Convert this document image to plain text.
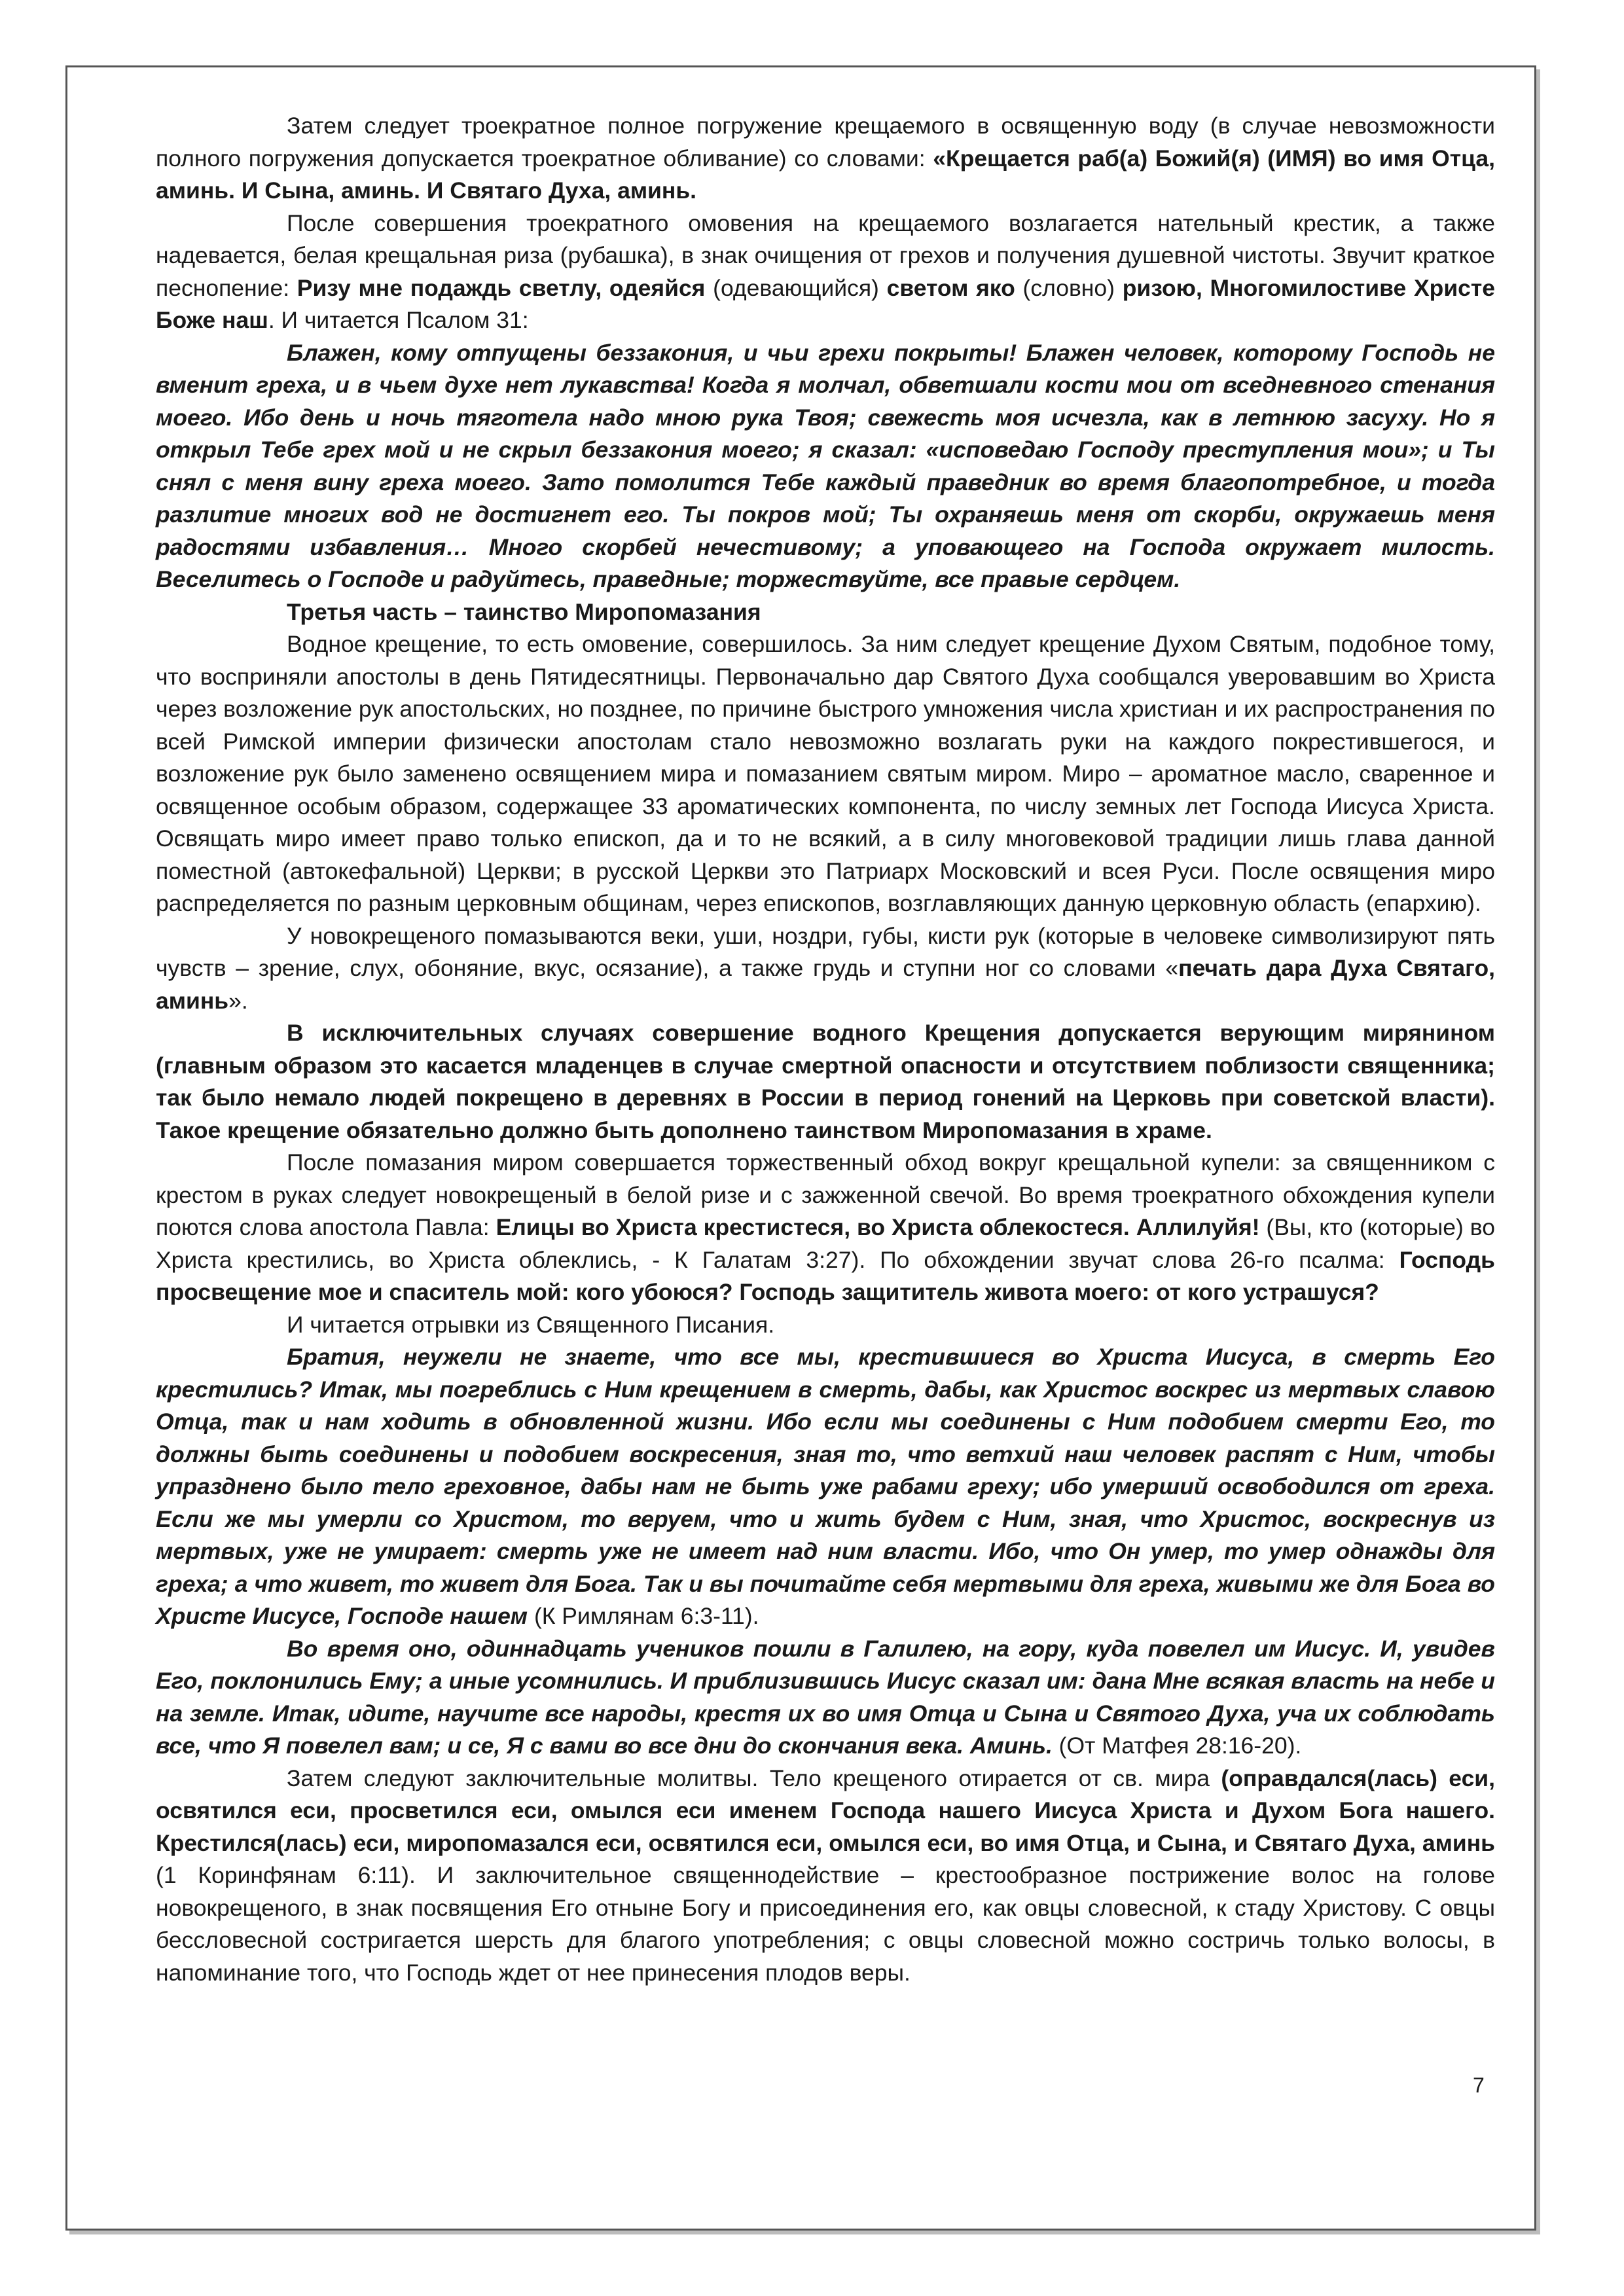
Затем следует троекратное полное погружение крещаемого в освященную воду (в случае невозможности полного погружения допускается троекратное обливание) со словами: «Крещается раб(а) Божий(я) (ИМЯ) во имя Отца, аминь. И Сына, аминь. И Святаго Духа, аминь.

После совершения троекратного омовения на крещаемого возлагается нательный крестик, а также надевается, белая крещальная риза (рубашка), в знак очищения от грехов и получения душевной чистоты. Звучит краткое песнопение: Ризу мне подаждь светлу, одеяйся (одевающийся) светом яко (словно) ризою, Многомилостиве Христе Боже наш. И читается Псалом 31:

Блажен, кому отпущены беззакония, и чьи грехи покрыты! Блажен человек, которому Господь не вменит греха, и в чьем духе нет лукавства! Когда я молчал, обветшали кости мои от вседневного стенания моего. Ибо день и ночь тяготела надо мною рука Твоя; свежесть моя исчезла, как в летнюю засуху. Но я открыл Тебе грех мой и не скрыл беззакония моего; я сказал: «исповедаю Господу преступления мои»; и Ты снял с меня вину греха моего. Зато помолится Тебе каждый праведник во время благопотребное, и тогда разлитие многих вод не достигнет его. Ты покров мой; Ты охраняешь меня от скорби, окружаешь меня радостями избавления… Много скорбей нечестивому; а уповающего на Господа окружает милость. Веселитесь о Господе и радуйтесь, праведные; торжествуйте, все правые сердцем.

Третья часть – таинство Миропомазания

Водное крещение, то есть омовение, совершилось. За ним следует крещение Духом Святым, подобное тому, что восприняли апостолы в день Пятидесятницы. Первоначально дар Святого Духа сообщался уверовавшим во Христа через возложение рук апостольских, но позднее, по причине быстрого умножения числа христиан и их распространения по всей Римской империи физически апостолам стало невозможно возлагать руки на каждого покрестившегося, и возложение рук было заменено освящением мира и помазанием святым миром. Миро – ароматное масло, сваренное и освященное особым образом, содержащее 33 ароматических компонента, по числу земных лет Господа Иисуса Христа. Освящать миро имеет право только епископ, да и то не всякий, а в силу многовековой традиции лишь глава данной поместной (автокефальной) Церкви; в русской Церкви это Патриарх Московский и всея Руси. После освящения миро распределяется по разным церковным общинам, через епископов, возглавляющих данную церковную область (епархию).

У новокрещеного помазываются веки, уши, ноздри, губы, кисти рук (которые в человеке символизируют пять чувств – зрение, слух, обоняние, вкус, осязание), а также грудь и ступни ног со словами «печать дара Духа Святаго, аминь».

В исключительных случаях совершение водного Крещения допускается верующим мирянином (главным образом это касается младенцев в случае смертной опасности и отсутствием поблизости священника; так было немало людей покрещено в деревнях в России в период гонений на Церковь при советской власти). Такое крещение обязательно должно быть дополнено таинством Миропомазания в храме.

После помазания миром совершается торжественный обход вокруг крещальной купели: за священником с крестом в руках следует новокрещеный в белой ризе и с зажженной свечой. Во время троекратного обхождения купели поются слова апостола Павла: Елицы во Христа крестистеся, во Христа облекостеся. Аллилуйя! (Вы, кто (которые) во Христа крестились, во Христа облеклись, - К Галатам 3:27). По обхождении звучат слова 26-го псалма: Господь просвещение мое и спаситель мой: кого убоюся? Господь защититель живота моего: от кого устрашуся?

И читается отрывки из Священного Писания.

Братия, неужели не знаете, что все мы, крестившиеся во Христа Иисуса, в смерть Его крестились? Итак, мы погреблись с Ним крещением в смерть, дабы, как Христос воскрес из мертвых славою Отца, так и нам ходить в обновленной жизни. Ибо если мы соединены с Ним подобием смерти Его, то должны быть соединены и подобием воскресения, зная то, что ветхий наш человек распят с Ним, чтобы упразднено было тело греховное, дабы нам не быть уже рабами греху; ибо умерший освободился от греха. Если же мы умерли со Христом, то веруем, что и жить будем с Ним, зная, что Христос, воскреснув из мертвых, уже не умирает: смерть уже не имеет над ним власти. Ибо, что Он умер, то умер однажды для греха; а что живет, то живет для Бога. Так и вы почитайте себя мертвыми для греха, живыми же для Бога во Христе Иисусе, Господе нашем (К Римлянам 6:3-11).

Во время оно, одиннадцать учеников пошли в Галилею, на гору, куда повелел им Иисус. И, увидев Его, поклонились Ему; а иные усомнились. И приблизившись Иисус сказал им: дана Мне всякая власть на небе и на земле. Итак, идите, научите все народы, крестя их во имя Отца и Сына и Святого Духа, уча их соблюдать все, что Я повелел вам; и се, Я с вами во все дни до скончания века. Аминь. (От Матфея 28:16-20).

Затем следуют заключительные молитвы. Тело крещеного отирается от св. мира (оправдался(лась) еси, освятился еси, просветился еси, омылся еси именем Господа нашего Иисуса Христа и Духом Бога нашего. Крестился(лась) еси, миропомазался еси, освятился еси, омылся еси, во имя Отца, и Сына, и Святаго Духа, аминь (1 Коринфянам 6:11). И заключительное священнодействие – крестообразное пострижение волос на голове новокрещеного, в знак посвящения Его отныне Богу и присоединения его, как овцы словесной, к стаду Христову. С овцы бессловесной состригается шерсть для благого употребления; с овцы словесной можно состричь только волосы, в напоминание того, что Господь ждет от нее принесения плодов веры.

7
